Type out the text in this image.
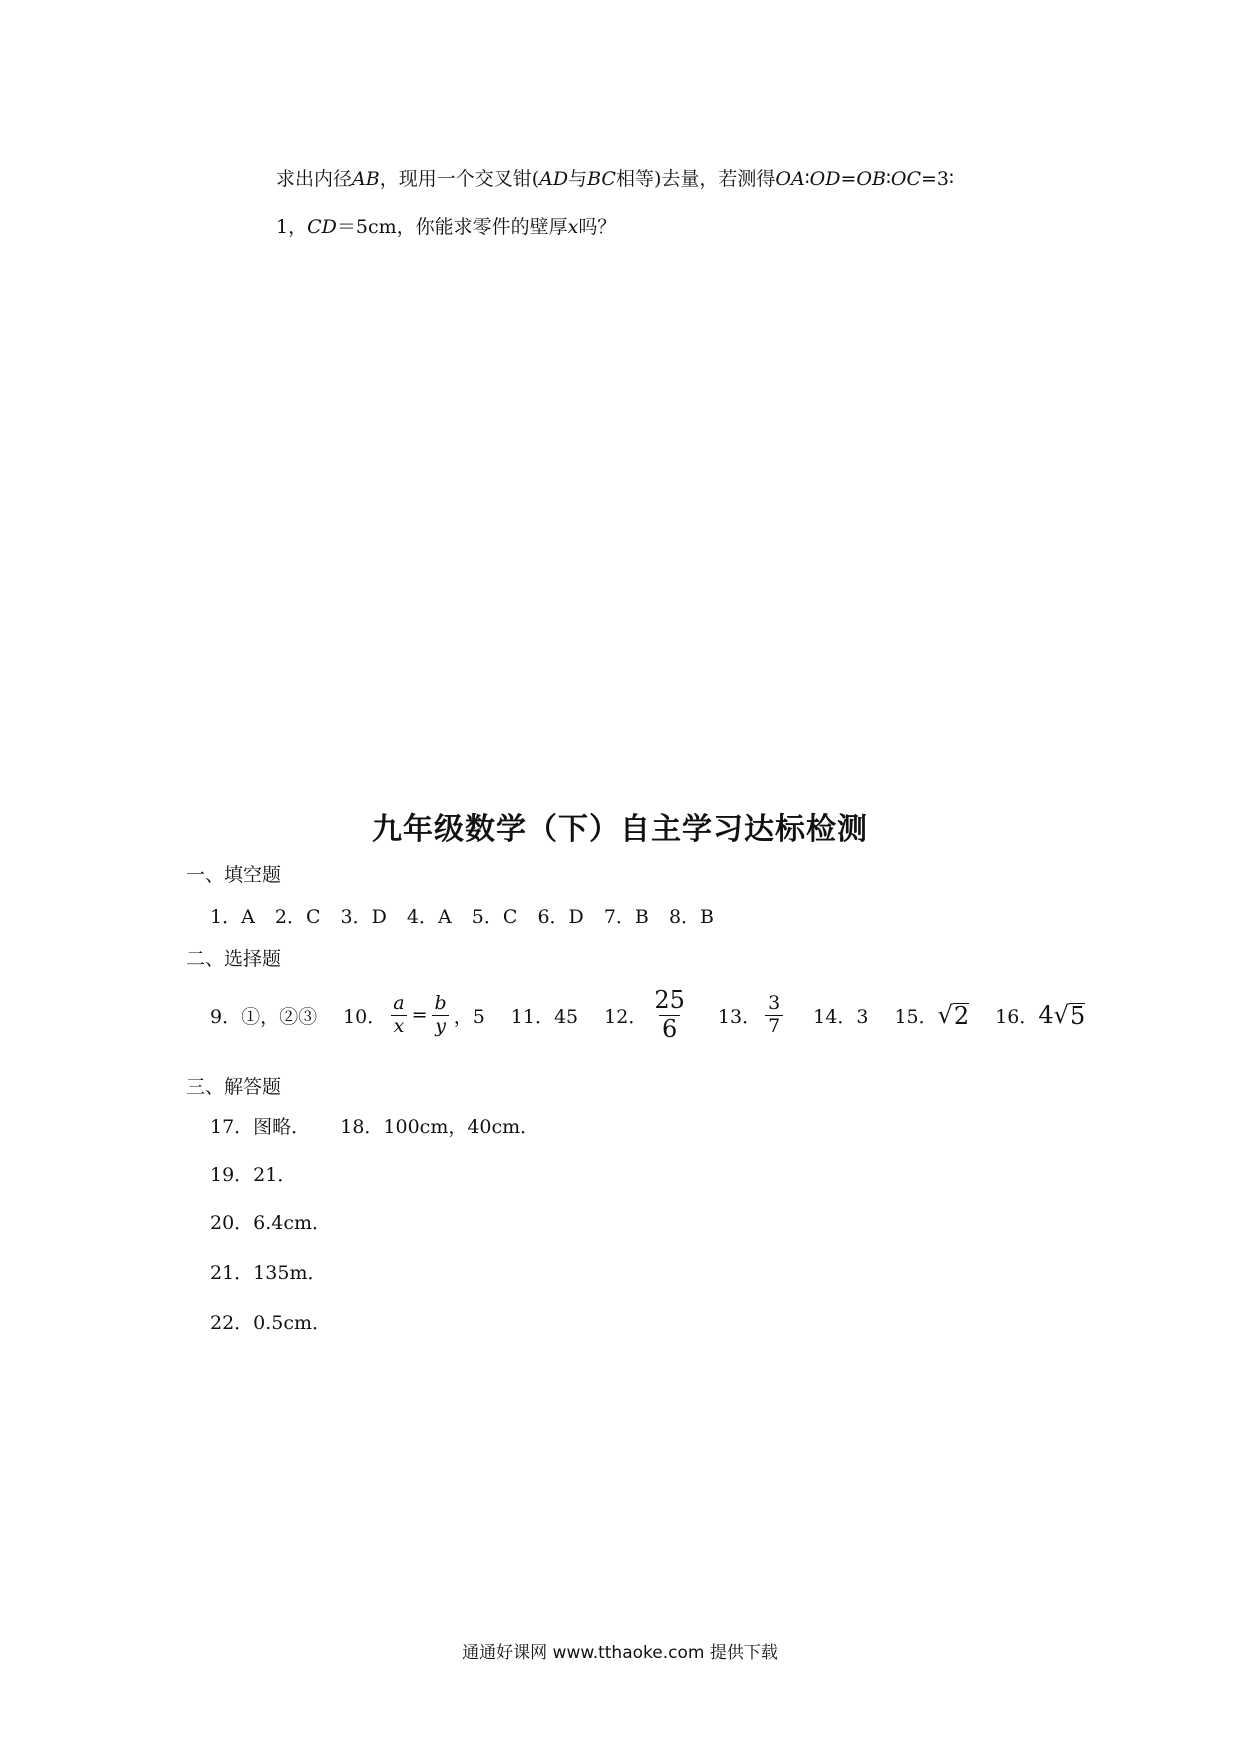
求出内径AB，现用一个交叉钳(AD与BC相等)去量，若测得OA∶OD=OB∶OC=3∶
1，CD＝5cm，你能求零件的壁厚x吗？
九年级数学（下）自主学习达标检测
一、填空题
1．A 2．C 3．D 4．A 5．C 6．D 7．B 8．B
二、选择题
9．①，②③ 10． $\frac{a}{x} = \frac{b}{y}$ ，5 11．45 12． $\frac{25}{6} 13$． $\frac{3}{7} 14$．3 15． √ 2 16． 4 √ 5
三、解答题
17．图略． 18．100cm，40cm．
19．21．
20．6.4cm．
21．135m．
22．0.5cm．
通通好课网 www.tthaoke.com 提供下载
